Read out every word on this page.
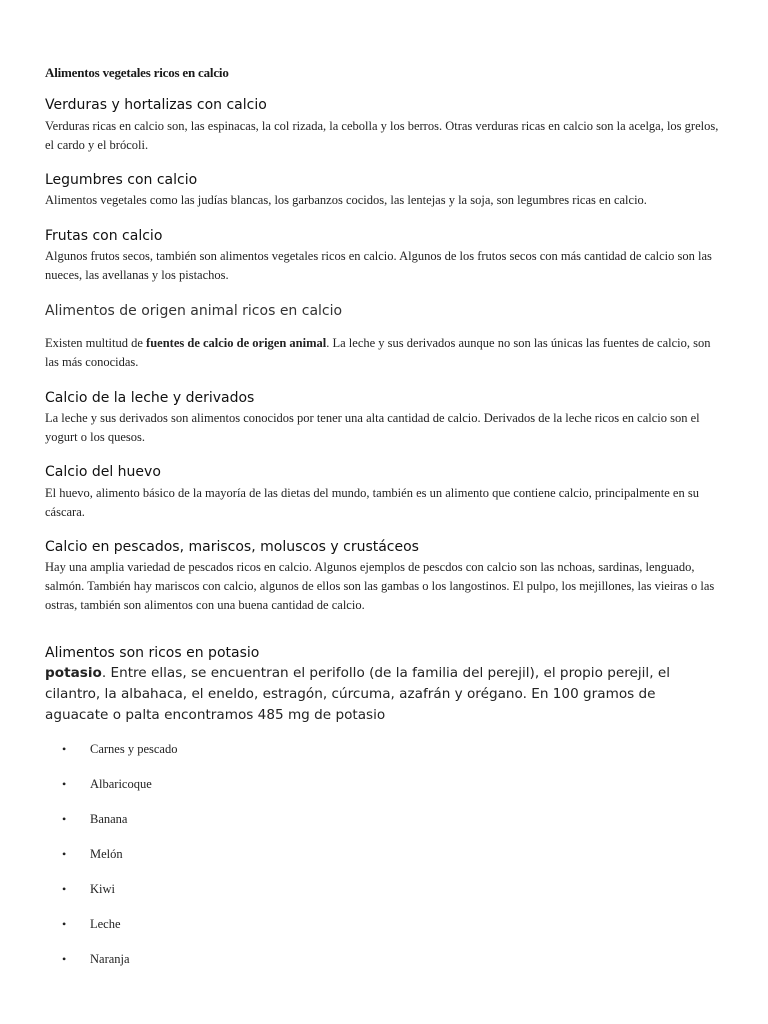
Alimentos vegetales ricos en calcio
Verduras y hortalizas con calcio
Verduras ricas en calcio son, las espinacas, la col rizada, la cebolla y los berros. Otras verduras ricas en calcio son la acelga, los grelos, el cardo y el brócoli.
Legumbres con calcio
Alimentos vegetales como las judías blancas, los garbanzos cocidos, las lentejas y la soja, son legumbres ricas en calcio.
Frutas con calcio
Algunos frutos secos, también son alimentos vegetales ricos en calcio. Algunos de los frutos secos con más cantidad de calcio son las nueces, las avellanas y los pistachos.
Alimentos de origen animal ricos en calcio
Existen multitud de fuentes de calcio de origen animal. La leche y sus derivados aunque no son las únicas las fuentes de calcio, son las más conocidas.
Calcio de la leche y derivados
La leche y sus derivados son alimentos conocidos por tener una alta cantidad de calcio. Derivados de la leche ricos en calcio son el yogurt o los quesos.
Calcio del huevo
El huevo, alimento básico de la mayoría de las dietas del mundo, también es un alimento que contiene calcio, principalmente en su cáscara.
Calcio en pescados, mariscos, moluscos y crustáceos
Hay una amplia variedad de pescados ricos en calcio. Algunos ejemplos de pescdos con calcio son las nchoas, sardinas, lenguado, salmón. También hay mariscos con calcio, algunos de ellos son las gambas o los langostinos. El pulpo, los mejillones, las vieiras o las ostras, también son alimentos con una buena cantidad de calcio.
Alimentos son ricos en potasio
potasio. Entre ellas, se encuentran el perifollo (de la familia del perejil), el propio perejil, el cilantro, la albahaca, el eneldo, estragón, cúrcuma, azafrán y orégano. En 100 gramos de aguacate o palta encontramos 485 mg de potasio
•	Carnes y pescado
•	Albaricoque
•	Banana
•	Melón
•	Kiwi
•	Leche
•	Naranja
